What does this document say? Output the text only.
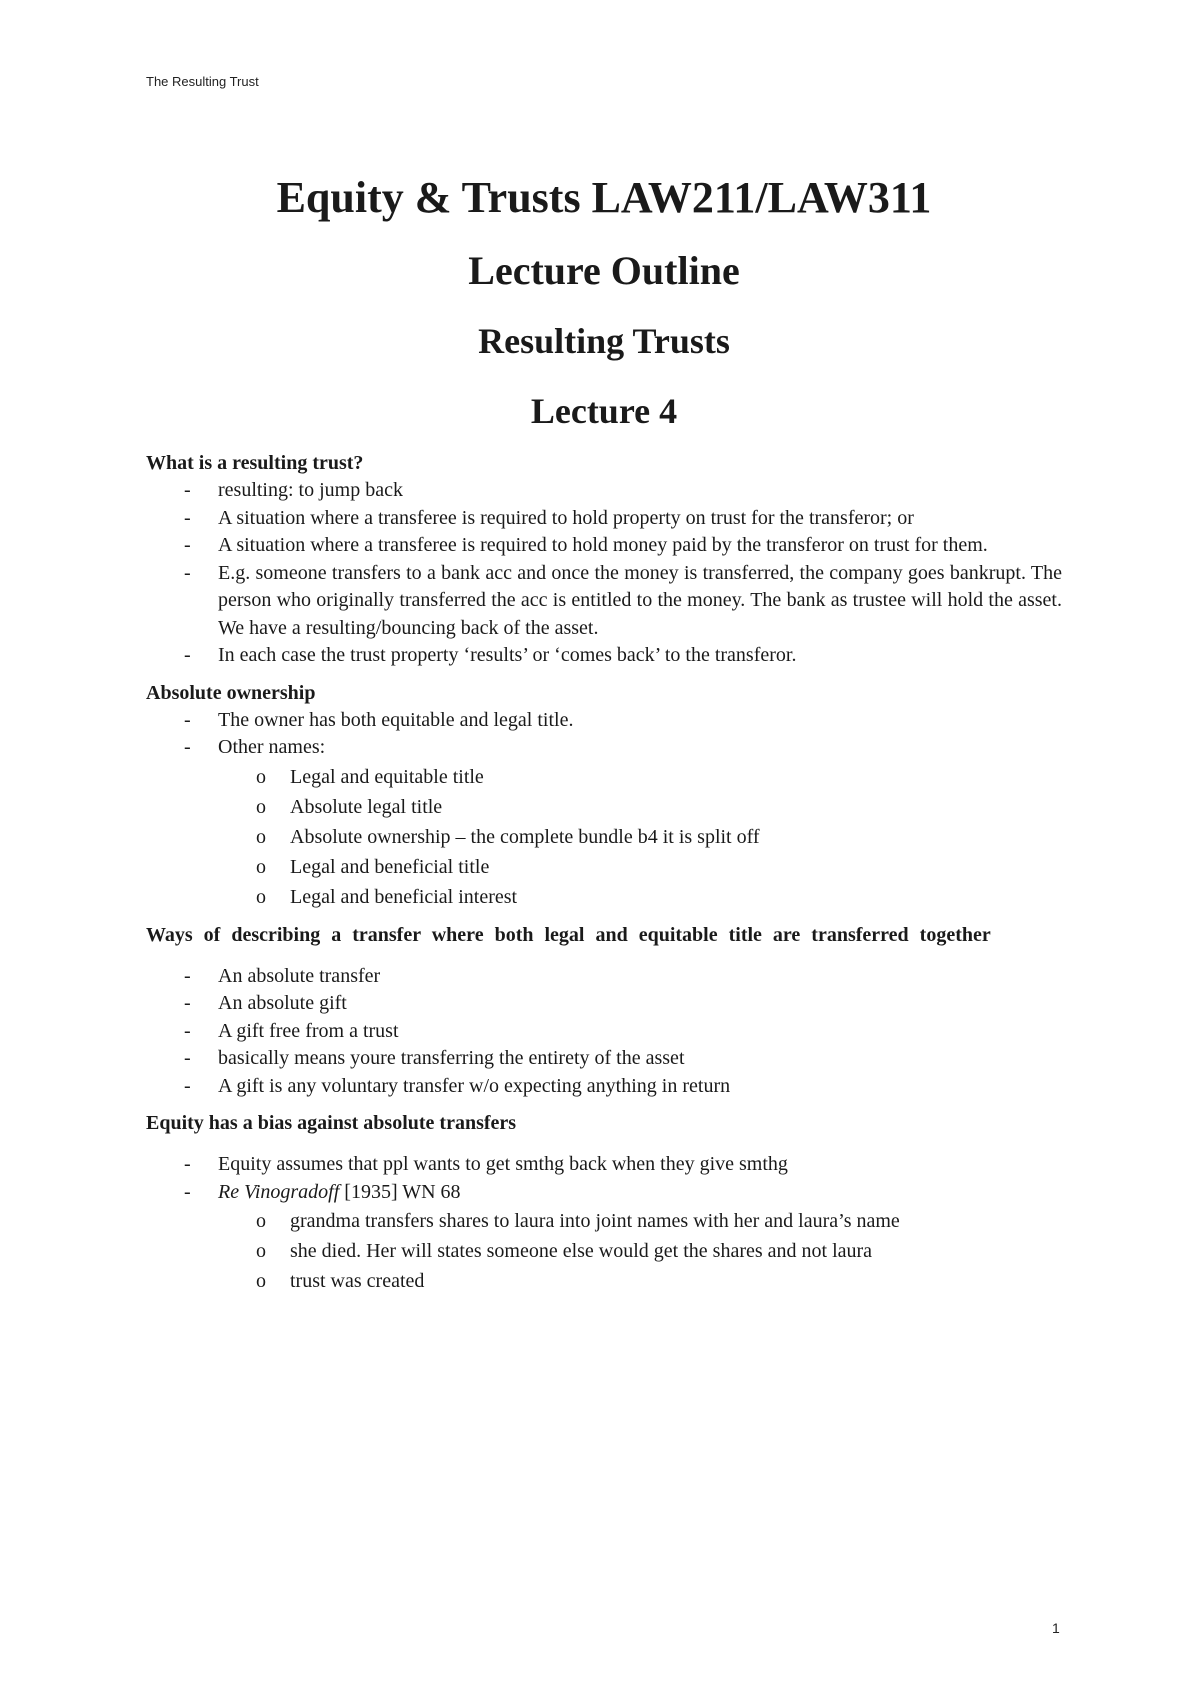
The Resulting Trust
Equity & Trusts LAW211/LAW311
Lecture Outline
Resulting Trusts
Lecture 4
What is a resulting trust?
- resulting: to jump back
- A situation where a transferee is required to hold property on trust for the transferor; or
- A situation where a transferee is required to hold money paid by the transferor on trust for them.
- E.g. someone transfers to a bank acc and once the money is transferred, the company goes bankrupt. The person who originally transferred the acc is entitled to the money. The bank as trustee will hold the asset. We have a resulting/bouncing back of the asset.
- In each case the trust property ‘results’ or ‘comes back’ to the transferor.
Absolute ownership
- The owner has both equitable and legal title.
- Other names:
o Legal and equitable title
o Absolute legal title
o Absolute ownership – the complete bundle b4 it is split off
o Legal and beneficial title
o Legal and beneficial interest
Ways of describing a transfer where both legal and equitable title are transferred together
- An absolute transfer
- An absolute gift
- A gift free from a trust
- basically means youre transferring the entirety of the asset
- A gift is any voluntary transfer w/o expecting anything in return
Equity has a bias against absolute transfers
- Equity assumes that ppl wants to get smthg back when they give smthg
- Re Vinogradoff [1935] WN 68
o grandma transfers shares to laura into joint names with her and laura’s name
o she died. Her will states someone else would get the shares and not laura
o trust was created
1
